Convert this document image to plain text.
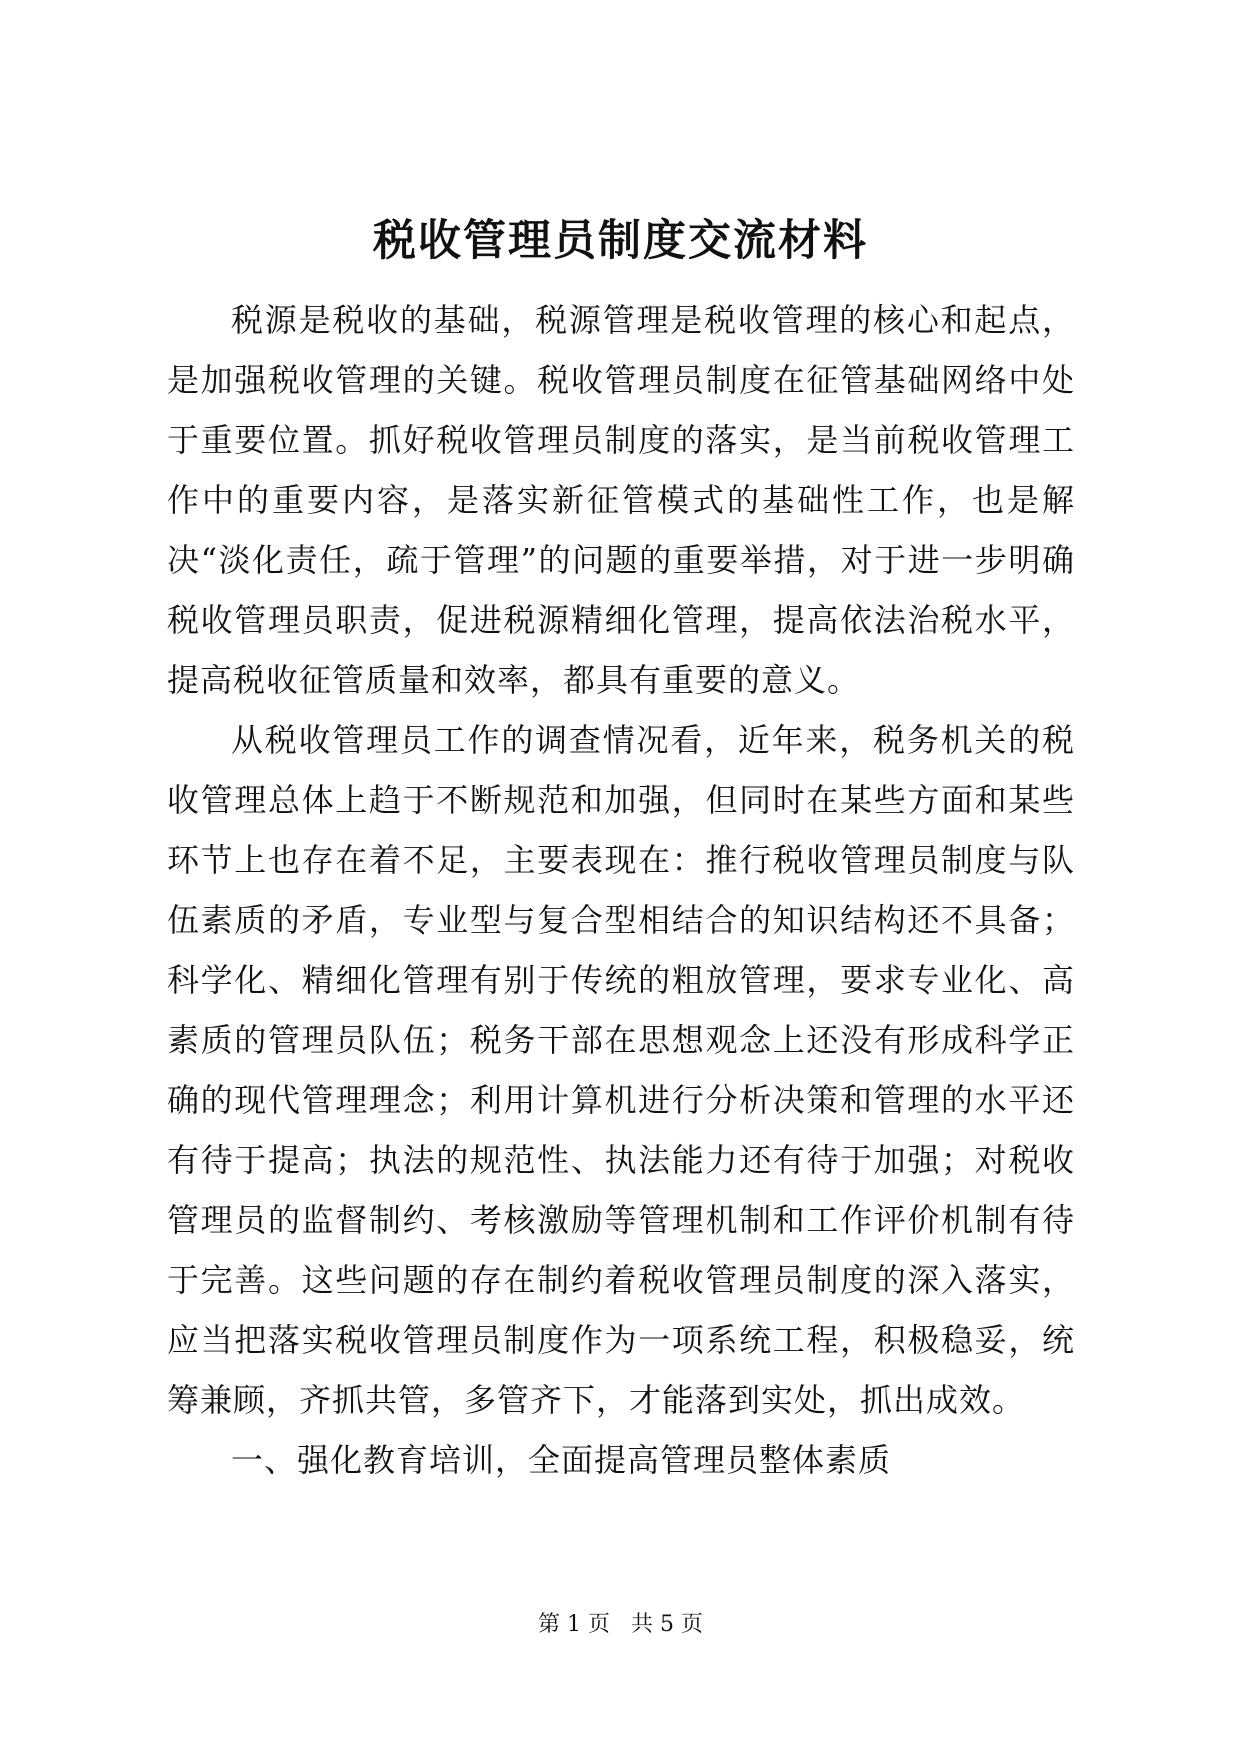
税收管理员制度交流材料

税源是税收的基础，税源管理是税收管理的核心和起点，是加强税收管理的关键。税收管理员制度在征管基础网络中处于重要位置。抓好税收管理员制度的落实，是当前税收管理工作中的重要内容，是落实新征管模式的基础性工作，也是解决“淡化责任，疏于管理”的问题的重要举措，对于进一步明确税收管理员职责，促进税源精细化管理，提高依法治税水平，提高税收征管质量和效率，都具有重要的意义。

从税收管理员工作的调查情况看，近年来，税务机关的税收管理总体上趋于不断规范和加强，但同时在某些方面和某些环节上也存在着不足，主要表现在：推行税收管理员制度与队伍素质的矛盾，专业型与复合型相结合的知识结构还不具备；科学化、精细化管理有别于传统的粗放管理，要求专业化、高素质的管理员队伍；税务干部在思想观念上还没有形成科学正确的现代管理理念；利用计算机进行分析决策和管理的水平还有待于提高；执法的规范性、执法能力还有待于加强；对税收管理员的监督制约、考核激励等管理机制和工作评价机制有待于完善。这些问题的存在制约着税收管理员制度的深入落实，应当把落实税收管理员制度作为一项系统工程，积极稳妥，统筹兼顾，齐抓共管，多管齐下，才能落到实处，抓出成效。

一、强化教育培训，全面提高管理员整体素质

第 1 页 共 5 页
